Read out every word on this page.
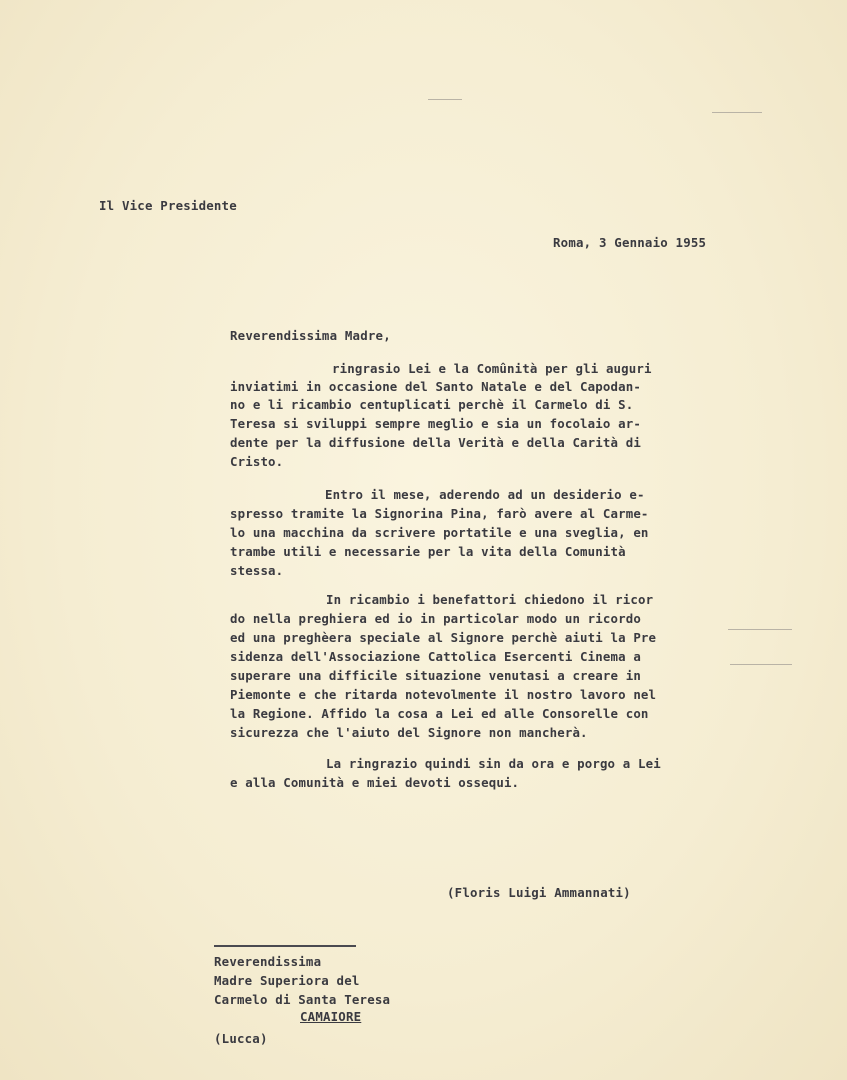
Il Vice Presidente
Roma, 3 Gennaio 1955
Reverendissima Madre,
ringrasio Lei e la Comûnità per gli auguri
inviatimi in occasione del Santo Natale e del Capodan-
no e li ricambio centuplicati perchè il Carmelo di S.
Teresa si sviluppi sempre meglio e sia un focolaio ar-
dente per la diffusione della Verità e della Carità di
Cristo.
Entro il mese, aderendo ad un desiderio e-
spresso tramite la Signorina Pina, farò avere al Carme-
lo una macchina da scrivere portatile e una sveglia, en
trambe utili e necessarie per la vita della Comunità
stessa.
In ricambio i benefattori chiedono il ricor
do nella preghiera ed io in particolar modo un ricordo
ed una preghèera speciale al Signore perchè aiuti la Pre
sidenza dell'Associazione Cattolica Esercenti Cinema a
superare una difficile situazione venutasi a creare in
Piemonte e che ritarda notevolmente il nostro lavoro nel
la Regione. Affido la cosa a Lei ed alle Consorelle con
sicurezza che l'aiuto del Signore non mancherà.
La ringrazio quindi sin da ora e porgo a Lei
e alla Comunità e miei devoti ossequi.
(Floris Luigi Ammannati)
Reverendissima
Madre Superiora del
Carmelo di Santa Teresa
CAMAIORE
(Lucca)
